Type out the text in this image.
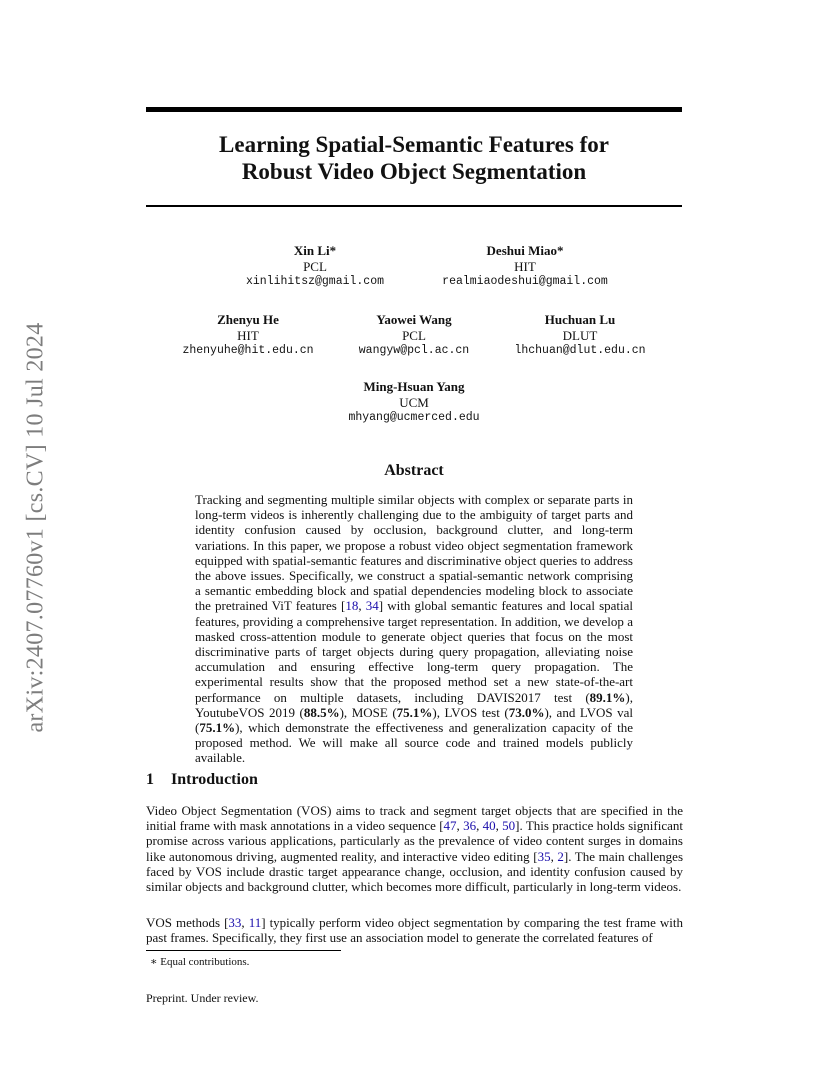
arXiv:2407.07760v1 [cs.CV] 10 Jul 2024
Learning Spatial-Semantic Features for
Robust Video Object Segmentation
Xin Li*
PCL
xinlihitsz@gmail.com
Deshui Miao*
HIT
realmiaodeshui@gmail.com
Zhenyu He
HIT
zhenyuhe@hit.edu.cn
Yaowei Wang
PCL
wangyw@pcl.ac.cn
Huchuan Lu
DLUT
lhchuan@dlut.edu.cn
Ming-Hsuan Yang
UCM
mhyang@ucmerced.edu
Abstract
Tracking and segmenting multiple similar objects with complex or separate parts in long-term videos is inherently challenging due to the ambiguity of target parts and identity confusion caused by occlusion, background clutter, and long-term variations. In this paper, we propose a robust video object segmentation framework equipped with spatial-semantic features and discriminative object queries to address the above issues. Specifically, we construct a spatial-semantic network comprising a semantic embedding block and spatial dependencies modeling block to associate the pretrained ViT features [18, 34] with global semantic features and local spatial features, providing a comprehensive target representation. In addition, we develop a masked cross-attention module to generate object queries that focus on the most discriminative parts of target objects during query propagation, alleviating noise accumulation and ensuring effective long-term query propagation. The experimental results show that the proposed method set a new state-of-the-art performance on multiple datasets, including DAVIS2017 test (89.1%), YoutubeVOS 2019 (88.5%), MOSE (75.1%), LVOS test (73.0%), and LVOS val (75.1%), which demonstrate the effectiveness and generalization capacity of the proposed method. We will make all source code and trained models publicly available.
1 Introduction
Video Object Segmentation (VOS) aims to track and segment target objects that are specified in the initial frame with mask annotations in a video sequence [47, 36, 40, 50]. This practice holds significant promise across various applications, particularly as the prevalence of video content surges in domains like autonomous driving, augmented reality, and interactive video editing [35, 2]. The main challenges faced by VOS include drastic target appearance change, occlusion, and identity confusion caused by similar objects and background clutter, which becomes more difficult, particularly in long-term videos.
VOS methods [33, 11] typically perform video object segmentation by comparing the test frame with past frames. Specifically, they first use an association model to generate the correlated features of
∗ Equal contributions.
Preprint. Under review.
